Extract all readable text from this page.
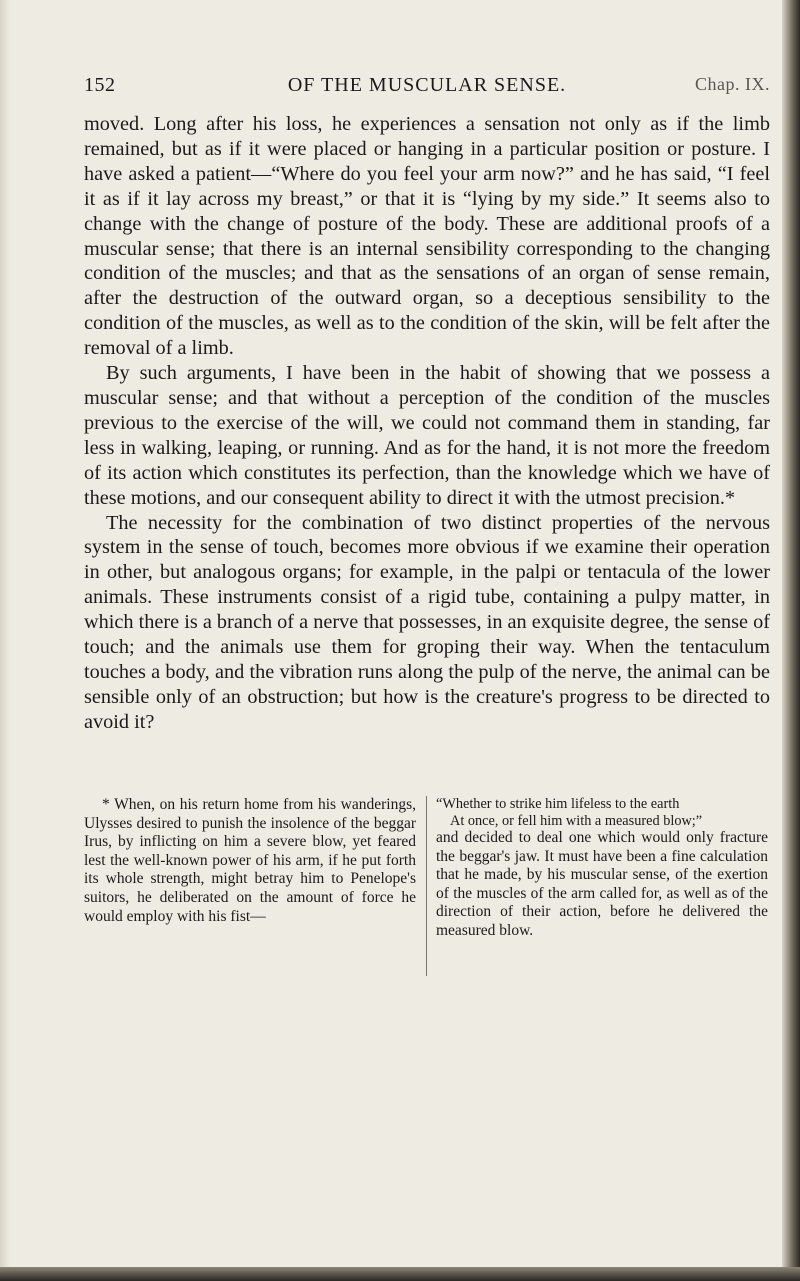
152	OF THE MUSCULAR SENSE.	Chap. IX.

moved. Long after his loss, he experiences a sensation not only as if the limb remained, but as if it were placed or hanging in a particular position or posture. I have asked a patient—“Where do you feel your arm now?” and he has said, “I feel it as if it lay across my breast,” or that it is “lying by my side.” It seems also to change with the change of posture of the body. These are additional proofs of a muscular sense; that there is an internal sensibility corresponding to the changing condition of the muscles; and that as the sensations of an organ of sense remain, after the destruction of the outward organ, so a deceptious sensibility to the condition of the muscles, as well as to the condition of the skin, will be felt after the removal of a limb.

By such arguments, I have been in the habit of showing that we possess a muscular sense; and that without a perception of the condition of the muscles previous to the exercise of the will, we could not command them in standing, far less in walking, leaping, or running. And as for the hand, it is not more the freedom of its action which constitutes its perfection, than the knowledge which we have of these motions, and our consequent ability to direct it with the utmost precision.*

The necessity for the combination of two distinct properties of the nervous system in the sense of touch, becomes more obvious if we examine their operation in other, but analogous organs; for example, in the palpi or tentacula of the lower animals. These instruments consist of a rigid tube, containing a pulpy matter, in which there is a branch of a nerve that possesses, in an exquisite degree, the sense of touch; and the animals use them for groping their way. When the tentaculum touches a body, and the vibration runs along the pulp of the nerve, the animal can be sensible only of an obstruction; but how is the creature's progress to be directed to avoid it?

* When, on his return home from his wanderings, Ulysses desired to punish the insolence of the beggar Irus, by inflicting on him a severe blow, yet feared lest the well-known power of his arm, if he put forth its whole strength, might betray him to Penelope's suitors, he deliberated on the amount of force he would employ with his fist—

“Whether to strike him lifeless to the earth
At once, or fell him with a measured blow;”

and decided to deal one which would only fracture the beggar's jaw. It must have been a fine calculation that he made, by his muscular sense, of the exertion of the muscles of the arm called for, as well as of the direction of their action, before he delivered the measured blow.
